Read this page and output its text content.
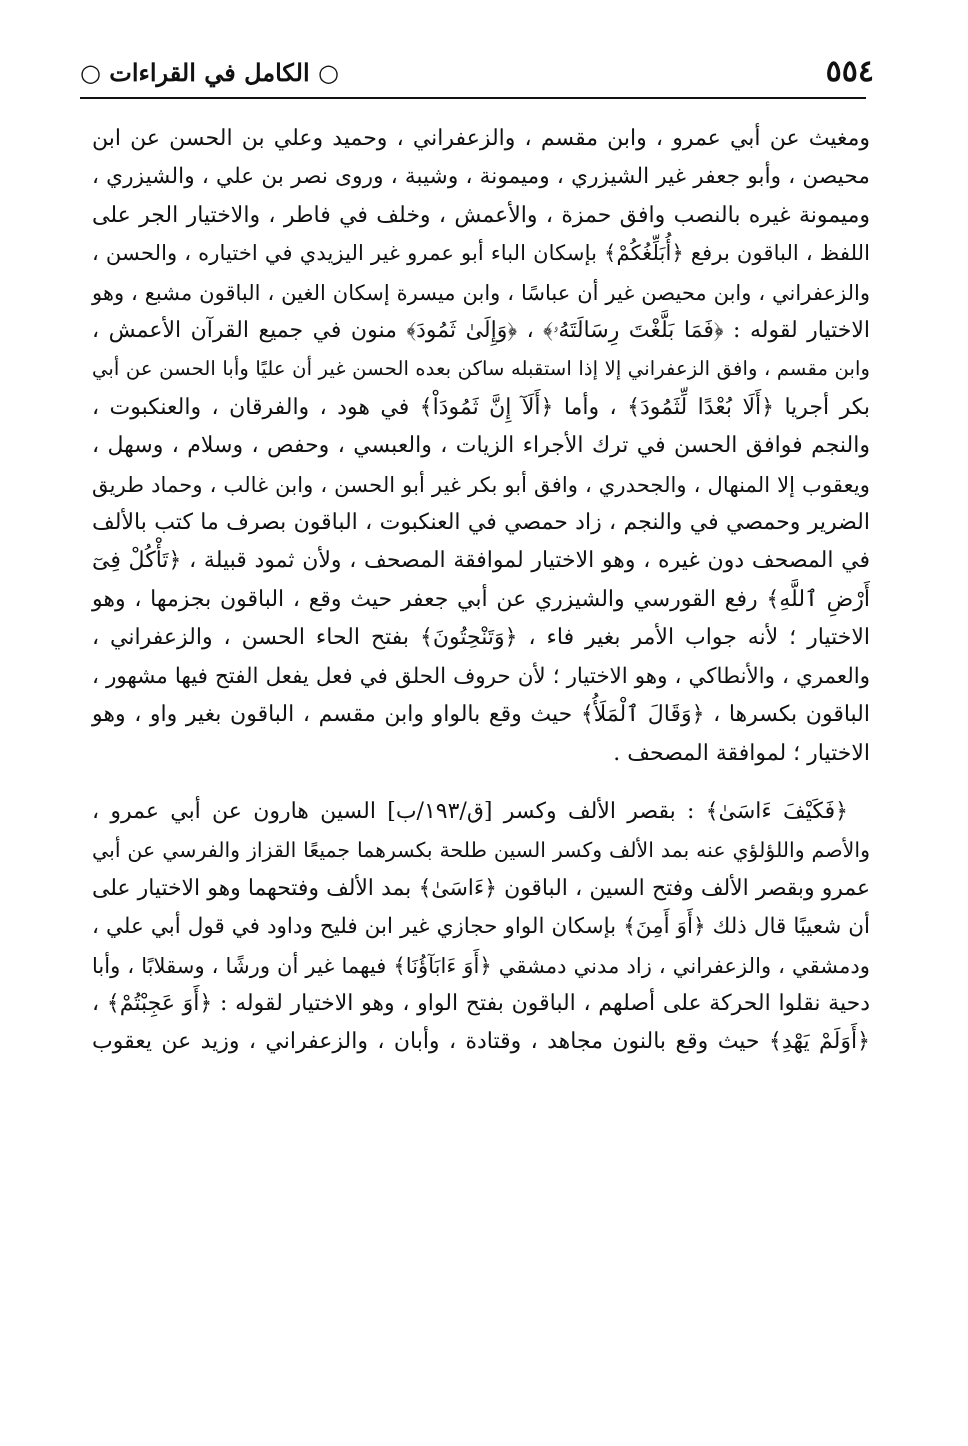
٥٥٤
○ الكامل في القراءات ○

ومغيث عن أبي عمرو ، وابن مقسم ، والزعفراني ، وحميد وعلي بن الحسن عن ابن
محيصن ، وأبو جعفر غير الشيزري ، وميمونة ، وشيبة ، وروى نصر بن علي ، والشيزري ،
وميمونة غيره بالنصب وافق حمزة ، والأعمش ، وخلف في فاطر ، والاختيار الجر على
اللفظ ، الباقون برفع ﴿أُبَلِّغُكُمْ﴾ بإسكان الباء أبو عمرو غير اليزيدي في اختياره ، والحسن ،
والزعفراني ، وابن محيصن غير أن عباسًا ، وابن ميسرة إسكان الغين ، الباقون مشبع ، وهو
الاختيار لقوله : ﴿فَمَا بَلَّغْتَ رِسَالَتَهُۥ﴾ ، ﴿وَإِلَىٰ ثَمُودَ﴾ منون في جميع القرآن الأعمش ،
وابن مقسم ، وافق الزعفراني إلا إذا استقبله ساكن بعده الحسن غير أن عليًا وأبا الحسن عن أبي
بكر أجريا ﴿أَلَا بُعْدًا لِّثَمُودَ﴾ ، وأما ﴿أَلَآ إِنَّ ثَمُودَاْ﴾ في هود ، والفرقان ، والعنكبوت ،
والنجم فوافق الحسن في ترك الأجراء الزيات ، والعبسي ، وحفص ، وسلام ، وسهل ،
ويعقوب إلا المنهال ، والجحدري ، وافق أبو بكر غير أبو الحسن ، وابن غالب ، وحماد طريق
الضرير وحمصي في والنجم ، زاد حمصي في العنكبوت ، الباقون بصرف ما كتب بالألف
في المصحف دون غيره ، وهو الاختيار لموافقة المصحف ، ولأن ثمود قبيلة ، ﴿تَأْكُلْ فِىٓ
أَرْضِ ٱللَّهِ﴾ رفع القورسي والشيزري عن أبي جعفر حيث وقع ، الباقون بجزمها ، وهو
الاختيار ؛ لأنه جواب الأمر بغير فاء ، ﴿وَتَنْحِتُونَ﴾ بفتح الحاء الحسن ، والزعفراني ،
والعمري ، والأنطاكي ، وهو الاختيار ؛ لأن حروف الحلق في فعل يفعل الفتح فيها مشهور ،
الباقون بكسرها ، ﴿وَقَالَ ٱلْمَلَأُ﴾ حيث وقع بالواو وابن مقسم ، الباقون بغير واو ، وهو
الاختيار ؛ لموافقة المصحف .

﴿فَكَيْفَ ءَاسَىٰ﴾ : بقصر الألف وكسر [ق/١٩٣/ب] السين هارون عن أبي عمرو ،
والأصم واللؤلؤي عنه بمد الألف وكسر السين طلحة بكسرهما جميعًا القزاز والفرسي عن أبي
عمرو وبقصر الألف وفتح السين ، الباقون ﴿ءَاسَىٰ﴾ بمد الألف وفتحهما وهو الاختيار على
أن شعيبًا قال ذلك ﴿أَوَ أَمِنَ﴾ بإسكان الواو حجازي غير ابن فليح وداود في قول أبي علي ،
ودمشقي ، والزعفراني ، زاد مدني دمشقي ﴿أَوَ ءَابَآؤُنَا﴾ فيهما غير أن ورشًا ، وسقلابًا ، وأبا
دحية نقلوا الحركة على أصلهم ، الباقون بفتح الواو ، وهو الاختيار لقوله : ﴿أَوَ عَجِبْتُمْ﴾ ،
﴿أَوَلَمْ يَهْدِ﴾ حيث وقع بالنون مجاهد ، وقتادة ، وأبان ، والزعفراني ، وزيد عن يعقوب
